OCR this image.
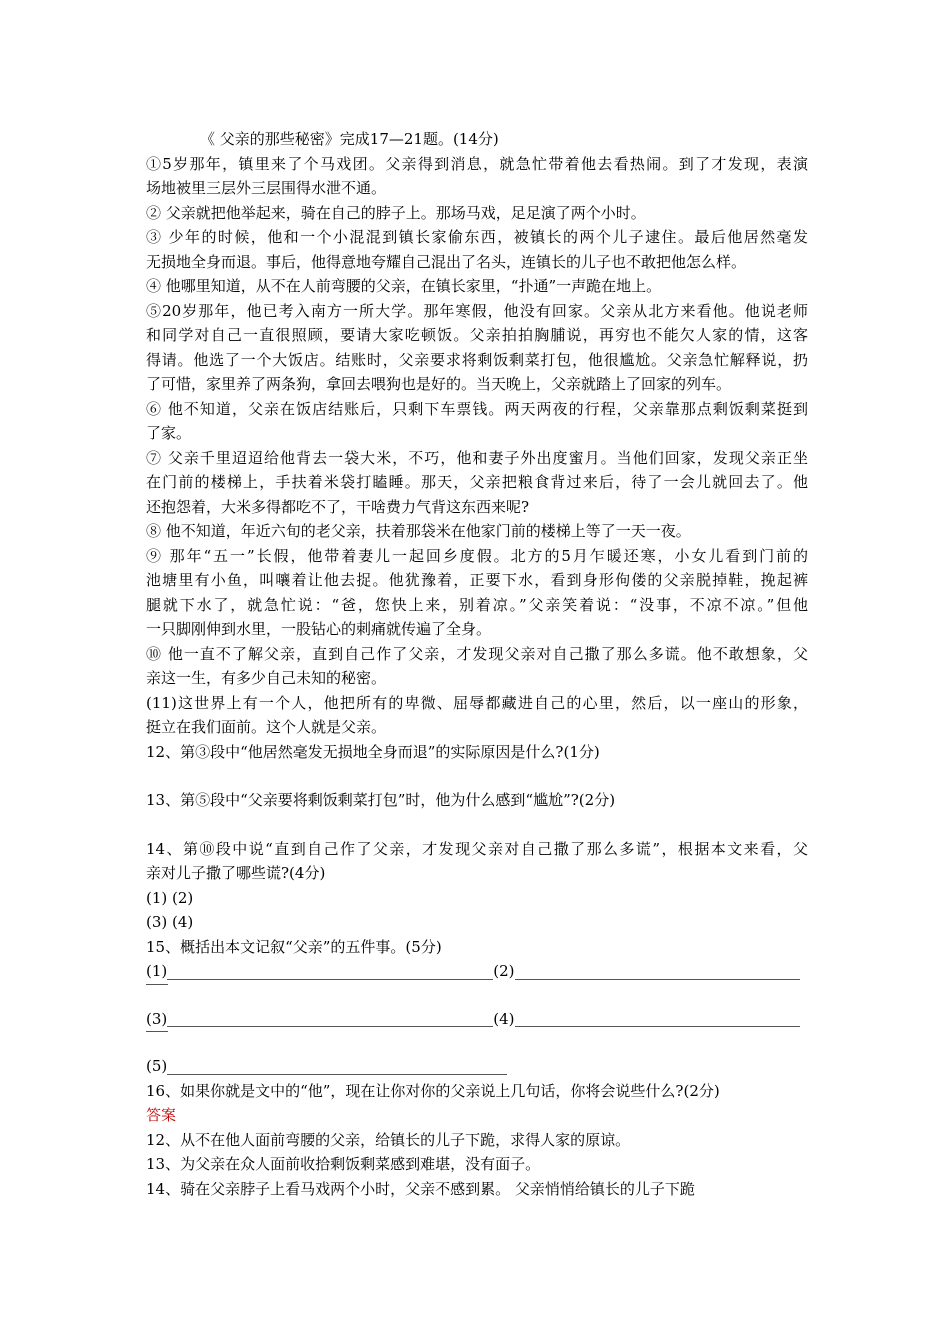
《 父亲的那些秘密》完成17—21题。(14分)
①5岁那年，镇里来了个马戏团。父亲得到消息，就急忙带着他去看热闹。到了才发现，表演
场地被里三层外三层围得水泄不通。
② 父亲就把他举起来，骑在自己的脖子上。那场马戏，足足演了两个小时。
③ 少年的时候，他和一个小混混到镇长家偷东西，被镇长的两个儿子逮住。最后他居然毫发
无损地全身而退。事后，他得意地夸耀自己混出了名头，连镇长的儿子也不敢把他怎么样。
④ 他哪里知道，从不在人前弯腰的父亲，在镇长家里，“扑通”一声跪在地上。
⑤20岁那年，他已考入南方一所大学。那年寒假，他没有回家。父亲从北方来看他。他说老师
和同学对自己一直很照顾，要请大家吃顿饭。父亲拍拍胸脯说，再穷也不能欠人家的情，这客
得请。他选了一个大饭店。结账时，父亲要求将剩饭剩菜打包，他很尴尬。父亲急忙解释说，扔
了可惜，家里养了两条狗，拿回去喂狗也是好的。当天晚上，父亲就踏上了回家的列车。
⑥ 他不知道，父亲在饭店结账后，只剩下车票钱。两天两夜的行程，父亲靠那点剩饭剩菜挺到
了家。
⑦ 父亲千里迢迢给他背去一袋大米，不巧，他和妻子外出度蜜月。当他们回家，发现父亲正坐
在门前的楼梯上，手扶着米袋打瞌睡。那天，父亲把粮食背过来后，待了一会儿就回去了。他
还抱怨着，大米多得都吃不了，干啥费力气背这东西来呢?
⑧ 他不知道，年近六旬的老父亲，扶着那袋米在他家门前的楼梯上等了一天一夜。
⑨ 那年“五一”长假，他带着妻儿一起回乡度假。北方的5月乍暖还寒，小女儿看到门前的
池塘里有小鱼，叫嚷着让他去捉。他犹豫着，正要下水，看到身形佝偻的父亲脱掉鞋，挽起裤
腿就下水了，就急忙说：“爸，您快上来，别着凉。”父亲笑着说：“没事，不凉不凉。”但他
一只脚刚伸到水里，一股钻心的刺痛就传遍了全身。
⑩ 他一直不了解父亲，直到自己作了父亲，才发现父亲对自己撒了那么多谎。他不敢想象，父
亲这一生，有多少自己未知的秘密。
(11)这世界上有一个人，他把所有的卑微、屈辱都藏进自己的心里，然后，以一座山的形象，
挺立在我们面前。这个人就是父亲。
12、第③段中“他居然毫发无损地全身而退”的实际原因是什么?(1分)
13、第⑤段中“父亲要将剩饭剩菜打包”时，他为什么感到“尴尬”?(2分)
14、第⑩段中说“直到自己作了父亲，才发现父亲对自己撒了那么多谎”，根据本文来看，父
亲对儿子撒了哪些谎?(4分)
(1) (2)
(3) (4)
15、概括出本文记叙“父亲”的五件事。(5分)
(1)	(2)
(3)	(4)
(5)
16、如果你就是文中的“他”，现在让你对你的父亲说上几句话，你将会说些什么?(2分)
答案
12、从不在他人面前弯腰的父亲，给镇长的儿子下跪，求得人家的原谅。
13、为父亲在众人面前收拾剩饭剩菜感到难堪，没有面子。
14、骑在父亲脖子上看马戏两个小时，父亲不感到累。 父亲悄悄给镇长的儿子下跪
